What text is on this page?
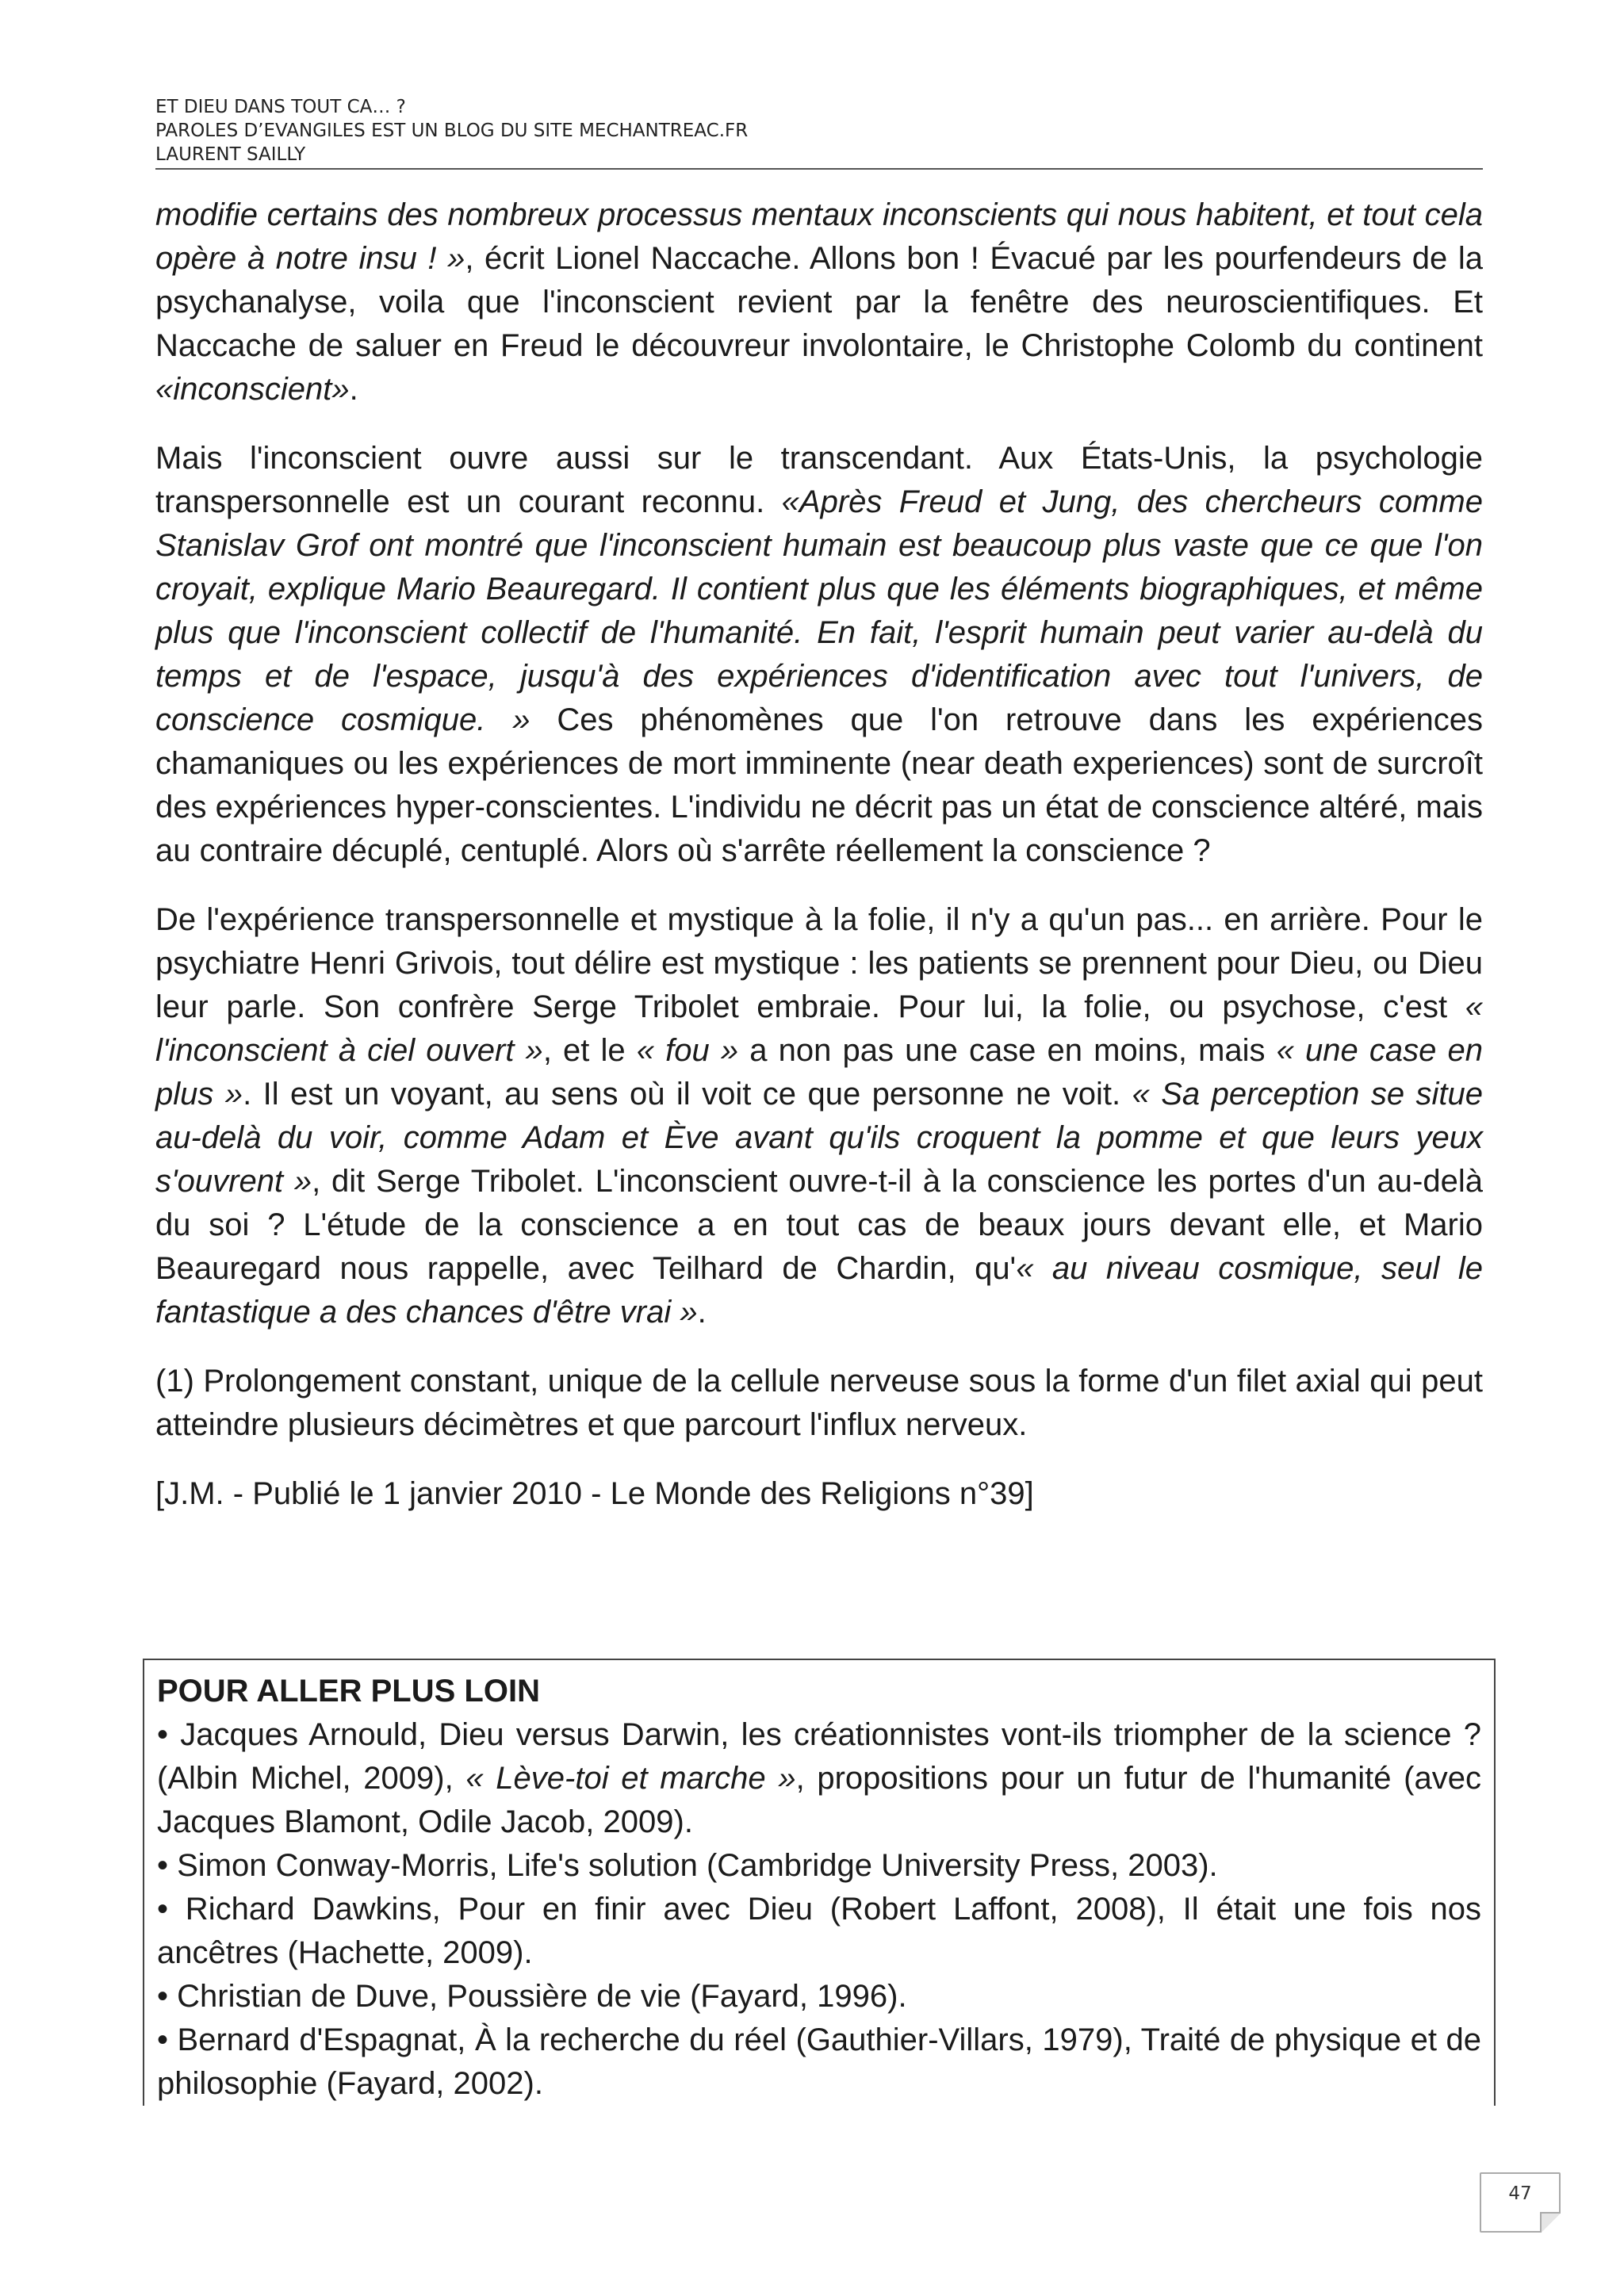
ET DIEU DANS TOUT CA… ?
PAROLES D’EVANGILES EST UN BLOG DU SITE MECHANTREAC.FR
LAURENT SAILLY

modifie certains des nombreux processus mentaux inconscients qui nous habitent, et tout cela opère à notre insu ! », écrit Lionel Naccache. Allons bon ! Évacué par les pourfendeurs de la psychanalyse, voila que l'inconscient revient par la fenêtre des neuroscientifiques. Et Naccache de saluer en Freud le découvreur involontaire, le Christophe Colomb du continent «inconscient».

Mais l'inconscient ouvre aussi sur le transcendant. Aux États-Unis, la psychologie transpersonnelle est un courant reconnu. «Après Freud et Jung, des chercheurs comme Stanislav Grof ont montré que l'inconscient humain est beaucoup plus vaste que ce que l'on croyait, explique Mario Beauregard. Il contient plus que les éléments biographiques, et même plus que l'inconscient collectif de l'humanité. En fait, l'esprit humain peut varier au-delà du temps et de l'espace, jusqu'à des expériences d'identification avec tout l'univers, de conscience cosmique. » Ces phénomènes que l'on retrouve dans les expériences chamaniques ou les expériences de mort imminente (near death experiences) sont de surcroît des expériences hyper-conscientes. L'individu ne décrit pas un état de conscience altéré, mais au contraire décuplé, centuplé. Alors où s'arrête réellement la conscience ?

De l'expérience transpersonnelle et mystique à la folie, il n'y a qu'un pas... en arrière. Pour le psychiatre Henri Grivois, tout délire est mystique : les patients se prennent pour Dieu, ou Dieu leur parle. Son confrère Serge Tribolet embraie. Pour lui, la folie, ou psychose, c'est « l'inconscient à ciel ouvert », et le « fou » a non pas une case en moins, mais « une case en plus ». Il est un voyant, au sens où il voit ce que personne ne voit. « Sa perception se situe au-delà du voir, comme Adam et Ève avant qu'ils croquent la pomme et que leurs yeux s'ouvrent », dit Serge Tribolet. L'inconscient ouvre-t-il à la conscience les portes d'un au-delà du soi ? L'étude de la conscience a en tout cas de beaux jours devant elle, et Mario Beauregard nous rappelle, avec Teilhard de Chardin, qu'« au niveau cosmique, seul le fantastique a des chances d'être vrai ».

(1) Prolongement constant, unique de la cellule nerveuse sous la forme d'un filet axial qui peut atteindre plusieurs décimètres et que parcourt l'influx nerveux.

[J.M. - Publié le 1 janvier 2010 - Le Monde des Religions n°39]

POUR ALLER PLUS LOIN
• Jacques Arnould, Dieu versus Darwin, les créationnistes vont-ils triompher de la science ? (Albin Michel, 2009), « Lève-toi et marche », propositions pour un futur de l'humanité (avec Jacques Blamont, Odile Jacob, 2009).
• Simon Conway-Morris, Life's solution (Cambridge University Press, 2003).
• Richard Dawkins, Pour en finir avec Dieu (Robert Laffont, 2008), Il était une fois nos ancêtres (Hachette, 2009).
• Christian de Duve, Poussière de vie (Fayard, 1996).
• Bernard d'Espagnat, À la recherche du réel (Gauthier-Villars, 1979), Traité de physique et de philosophie (Fayard, 2002).
47
